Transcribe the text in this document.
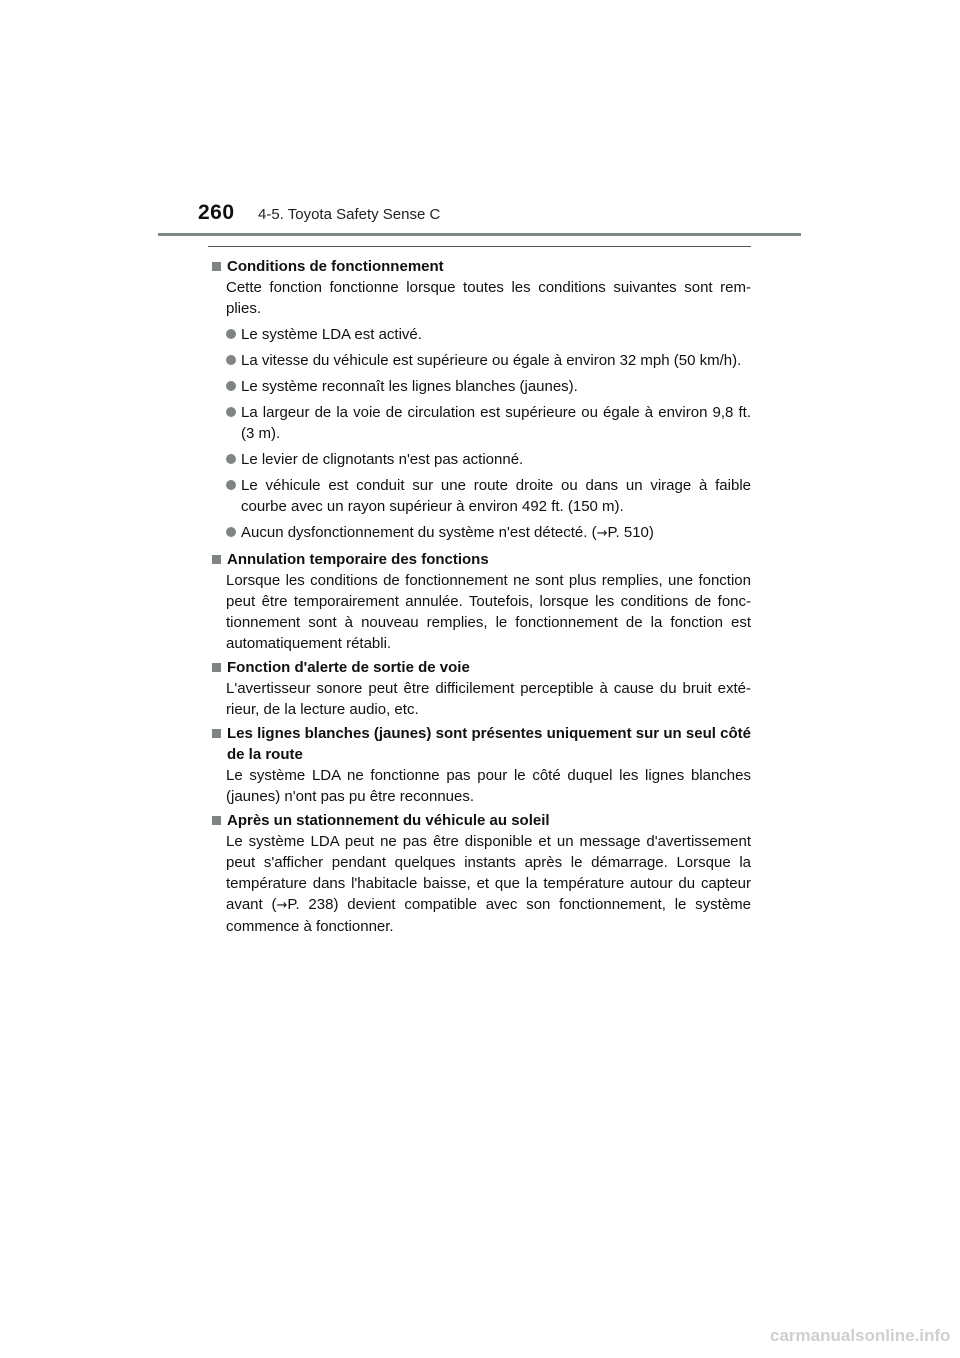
260 4-5. Toyota Safety Sense C
Conditions de fonctionnement
Cette fonction fonctionne lorsque toutes les conditions suivantes sont rem-plies.
Le système LDA est activé.
La vitesse du véhicule est supérieure ou égale à environ 32 mph (50 km/h).
Le système reconnaît les lignes blanches (jaunes).
La largeur de la voie de circulation est supérieure ou égale à environ 9,8 ft. (3 m).
Le levier de clignotants n'est pas actionné.
Le véhicule est conduit sur une route droite ou dans un virage à faible courbe avec un rayon supérieur à environ 492 ft. (150 m).
Aucun dysfonctionnement du système n'est détecté. (→P. 510)
Annulation temporaire des fonctions
Lorsque les conditions de fonctionnement ne sont plus remplies, une fonction peut être temporairement annulée. Toutefois, lorsque les conditions de fonc-tionnement sont à nouveau remplies, le fonctionnement de la fonction est automatiquement rétabli.
Fonction d'alerte de sortie de voie
L'avertisseur sonore peut être difficilement perceptible à cause du bruit exté-rieur, de la lecture audio, etc.
Les lignes blanches (jaunes) sont présentes uniquement sur un seul côté de la route
Le système LDA ne fonctionne pas pour le côté duquel les lignes blanches (jaunes) n'ont pas pu être reconnues.
Après un stationnement du véhicule au soleil
Le système LDA peut ne pas être disponible et un message d'avertissement peut s'afficher pendant quelques instants après le démarrage. Lorsque la température dans l'habitacle baisse, et que la température autour du capteur avant (→P. 238) devient compatible avec son fonctionnement, le système commence à fonctionner.
carmanualsonline.info
